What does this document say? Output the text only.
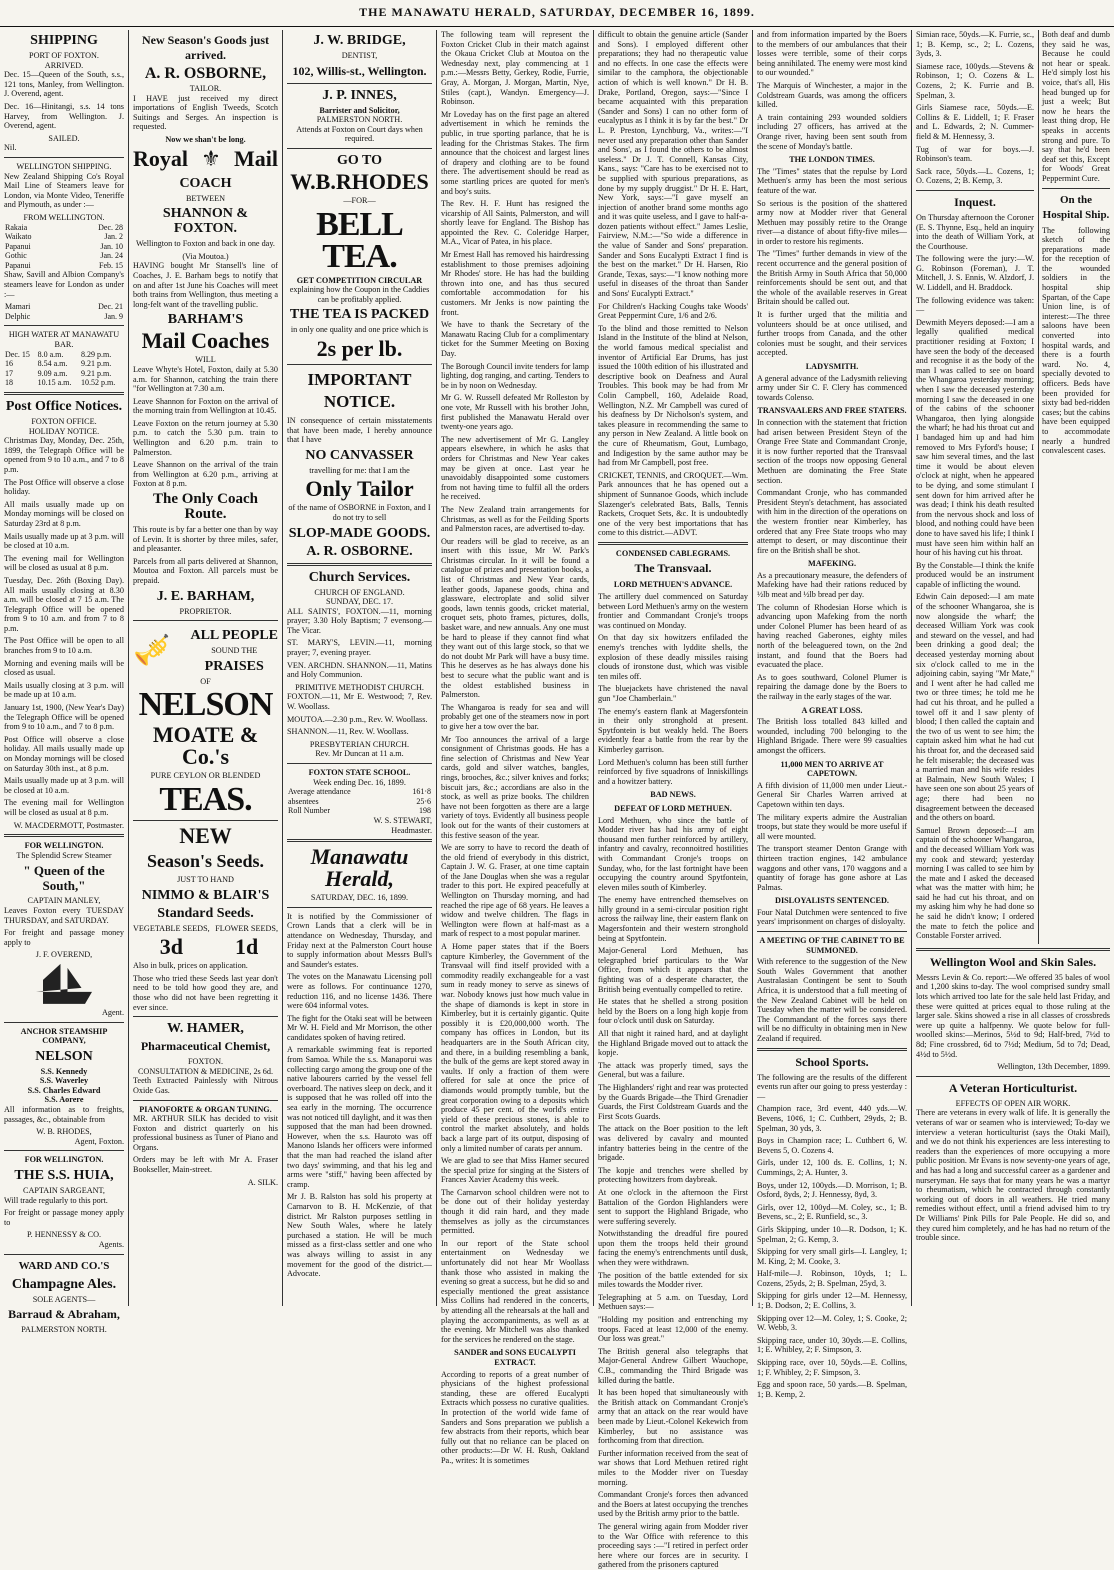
THE MANAWATU HERALD, SATURDAY, DECEMBER 16, 1899.
SHIPPING
PORT OF FOXTON.
ARRIVED.

Dec. 15—Queen of the South, s.s., 121 tons, Manley, from Wellington. J. Overend, agent.

Dec. 16—Hinitangi, s.s. 14 tons Harvey, from Wellington. J. Overend, agent.

SAILED.

Nil.

WELLINGTON SHIPPING.

New Zealand Shipping Co's Royal Mail Line of Steamers leave for London, via Monte Video, Teneriffe and Plymouth, as under :—

FROM WELLINGTON.
Rakaia	Dec. 28
Waikato	Jan. 2
Papanui	Jan. 10
Gothic	Jan. 24
Papanui	Feb. 15

Shaw, Savill and Albion Company's steamers leave for London as under :—

Mamari	Dec. 21
Delphic	Jan. 9
HIGH WATER AT MANAWATU BAR.
Dec. 15	8.0 a.m.	8.29 p.m.
16	8.54 a.m.	9.21 p.m.
17	9.09 a.m.	9.21 p.m.
18	10.15 a.m.	10.52 p.m.
Post Office Notices.
FOXTON OFFICE.
HOLIDAY NOTICE.

Christmas Day, Monday, Dec. 25th, 1899, the Telegraph Office will be opened from 9 to 10 a.m., and 7 to 8 p.m.

The Post Office will observe a close holiday.

All mails usually made up on Monday mornings will be closed on Saturday 23rd at 8 p.m.

Mails usually made up at 3 p.m. will be closed at 10 a.m.

The evening mail for Wellington will be closed as usual at 8 p.m.

Tuesday, Dec. 26th (Boxing Day). All mails usually closing at 8.30 a.m. will be closed at 7 15 a.m. The Telegraph Office will be opened from 9 to 10 a.m. and from 7 to 8 p.m.

The Post Office will be open to all branches from 9 to 10 a.m.

Morning and evening mails will be closed as usual.

Mails usually closing at 3 p.m. will be made up at 10 a.m.

January 1st, 1900, (New Year's Day) the Telegraph Office will be opened from 9 to 10 a.m., and 7 to 8 p.m.

Post Office will observe a close holiday. All mails usually made up on Monday mornings will be closed on Saturday 30th inst., at 8 p.m.

Mails usually made up at 3 p.m. will be closed at 10 a.m.

The evening mail for Wellington will be closed as usual at 8 p.m.

W. MACDERMOTT, Postmaster.

FOR WELLINGTON.
The Splendid Screw Steamer
" Queen of the South,"
CAPTAIN MANLEY,

Leaves Foxton every TUESDAY THURSDAY, and SATURDAY.

For freight and passage money apply to

J. F. OVEREND,
Agent.
ANCHOR STEAMSHIP COMPANY,
NELSON
S.S. Kennedy
S.S. Waverley
S.S. Charles Edward
S.S. Aorere

All information as to freights, passages, &c., obtainable from

W. B. RHODES,
Agent, Foxton.
FOR WELLINGTON.
THE S.S. HUIA,
CAPTAIN SARGEANT,

Will trade regularly to this port.

For freight or passage money apply to

P. HENNESSY & CO.
Agents.
WARD AND CO.'S
Champagne Ales.
SOLE AGENTS—
Barraud & Abraham,
PALMERSTON NORTH.
New Season's Goods just arrived.
A. R. OSBORNE,
TAILOR.

I HAVE just received my direct importations of English Tweeds, Scotch Suitings and Serges. An inspection is requested.

Now we shan't be long.
Royal ⚜ Mail
COACH
BETWEEN
SHANNON & FOXTON.

Wellington to Foxton and back in one day.

(Via Moutoa.)

HAVING bought Mr Stansell's line of Coaches, J. E. Barham begs to notify that on and after 1st June his Coaches will meet both trains from Wellington, thus meeting a long-felt want of the travelling public.

BARHAM'S
Mail Coaches
WILL

Leave Whyte's Hotel, Foxton, daily at 5.30 a.m. for Shannon, catching the train there "for Wellington at 7.30 a.m.

Leave Shannon for Foxton on the arrival of the morning train from Wellington at 10.45.

Leave Foxton on the return journey at 5.30 p.m. to catch the 5.30 p.m. train to Wellington and 6.20 p.m. train to Palmerston.

Leave Shannon on the arrival of the train from Wellington at 6.20 p.m., arriving at Foxton at 8 p.m.

The Only Coach Route.

This route is by far a better one than by way of Levin. It is shorter by three miles, safer, and pleasanter.

Parcels from all parts delivered at Shannon, Moutoa and Foxton. All parcels must be prepaid.

J. E. BARHAM,
PROPRIETOR.
🎺 ALL PEOPLE
SOUND THE
PRAISES
OF
NELSON
MOATE & Co.'s
PURE CEYLON OR BLENDED
TEAS.
NEW
Season's Seeds.
JUST TO HAND
NIMMO & BLAIR'S
Standard Seeds.
VEGETABLE SEEDS,
3d
FLOWER SEEDS,
1d

Also in bulk, prices on application.

Those who tried these Seeds last year don't need to be told how good they are, and those who did not have been regretting it ever since.

W. HAMER,
Pharmaceutical Chemist,
FOXTON.
CONSULTATION & MEDICINE, 2s 6d.

Teeth Extracted Painlessly with Nitrous Oxide Gas.

PIANOFORTE & ORGAN TUNING.

MR. ARTHUR SILK has decided to visit Foxton and district quarterly on his professional business as Tuner of Piano and Organs.

Orders may be left with Mr A. Fraser Bookseller, Main-street.

A. SILK.
J. W. BRIDGE,
DENTIST,
102, Willis-st., Wellington.
J. P. INNES,
Barrister and Solicitor,
PALMERSTON NORTH.

Attends at Foxton on Court days when required.

GO TO
W.B.RHODES
—FOR—
BELL TEA.
GET COMPETITION CIRCULAR

explaining how the Coupon in the Caddies can be profitably applied.

THE TEA IS PACKED

in only one quality and one price which is

2s per lb.
IMPORTANT NOTICE.

IN consequence of certain misstatements that have been made, I hereby announce that I have

NO CANVASSER

travelling for me: that I am the

Only Tailor

of the name of OSBORNE in Foxton, and I do not try to sell

SLOP-MADE GOODS.
A. R. OSBORNE.
Church Services.
CHURCH OF ENGLAND.
SUNDAY, DEC. 17.

ALL SAINTS', FOXTON.—11, morning prayer; 3.30 Holy Baptism; 7 evensong.—The Vicar.

ST. MARY'S, LEVIN.—11, morning prayer; 7, evening prayer.

VEN. ARCHDN. SHANNON.—11, Matins and Holy Communion.

PRIMITIVE METHODIST CHURCH.

FOXTON.—11, Mr E. Westwood; 7, Rev. W. Woollass.

MOUTOA.—2.30 p.m., Rev. W. Woollass.

SHANNON.—11, Rev. W. Woollass.

PRESBYTERIAN CHURCH.

Rev. Mr Duncan at 11 a.m.

FOXTON STATE SCHOOL.
Week ending Dec. 16, 1899.
Average attendance	161·8
absentees	25·6
Roll Number	198
W. S. STEWART,
Headmaster.
Manawatu Herald,
SATURDAY, DEC. 16, 1899.

It is notified by the Commissioner of Crown Lands that a clerk will be in attendance on Wednesday, Thursday, and Friday next at the Palmerston Court house to supply information about Messrs Bull's and Saunder's estates.

The votes on the Manawatu Licensing poll were as follows. For continuance 1270, reduction 116, and no license 1436. There were 604 informal votes.

The fight for the Otaki seat will be between Mr W. H. Field and Mr Morrison, the other candidates spoken of having retired.

A remarkable swimming feat is reported from Samoa. While the s.s. Manaporui was collecting cargo among the group one of the native labourers carried by the vessel fell overboard. The natives sleep on deck, and it is supposed that he was rolled off into the sea early in the morning. The occurrence was not noticed till daylight, and it was then supposed that the man had been drowned. However, when the s.s. Hauroto was off Manono Islands her officers were informed that the man had reached the island after two days' swimming, and that his leg and arms were "stiff," having been affected by cramp.

Mr J. B. Ralston has sold his property at Carnarvon to B. H. McKenzie, of that district. Mr Ralston purposes settling in New South Wales, where he lately purchased a station. He will be much missed as a first-class settler and one who was always willing to assist in any movement for the good of the district.—Advocate.

The following team will represent the Foxton Cricket Club in their match against the Okaua Cricket Club at Moutoa on the Wednesday next, play commencing at 1 p.m.:—Messrs Betty, Gerkey, Rodie, Furrie, Gray, A. Morgan, J. Morgan, Martin, Nye, Stiles (capt.), Wandyn. Emergency—J. Robinson.

Mr Loveday has on the first page an altered advertisement in which he reminds the public, in true sporting parlance, that he is leading for the Christmas Stakes. The firm announce that the choicest and largest lines of drapery and clothing are to be found there. The advertisement should be read as some startling prices are quoted for men's and boy's suits.

The Rev. H. F. Hunt has resigned the vicarship of All Saints, Palmerston, and will shortly leave for England. The Bishop has appointed the Rev. C. Coleridge Harper, M.A., Vicar of Patea, in his place.

Mr Ernest Hall has removed his hairdressing establishment to those premises adjoining Mr Rhodes' store. He has had the building thrown into one, and has thus secured comfortable accommodation for his customers. Mr Jenks is now painting the front.

We have to thank the Secretary of the Manawatu Racing Club for a complimentary ticket for the Summer Meeting on Boxing Day.

The Borough Council invite tenders for lamp lighting, dog ranging, and carting. Tenders to be in by noon on Wednesday.

Mr G. W. Russell defeated Mr Rolleston by one vote, Mr Russell with his brother John, first published the Manawatu Herald over twenty-one years ago.

The new advertisement of Mr G. Langley appears elsewhere, in which he asks that orders for Christmas and New Year cakes may be given at once. Last year he unavoidably disappointed some customers from not having time to fulfil all the orders he received.

The New Zealand train arrangements for Christmas, as well as for the Feilding Sports and Palmerston races, are advertised to-day.

Our readers will be glad to receive, as an insert with this issue, Mr W. Park's Christmas circular. In it will be found a catalogue of prizes and presentation books, a list of Christmas and New Year cards, leather goods, Japanese goods, china and glassware, electroplate and solid silver goods, lawn tennis goods, cricket material, croquet sets, photo frames, pictures, dolls, basket ware, and new annuals. Any one must be hard to please if they cannot find what they want out of this large stock, so that we do not doubt Mr Park will have a busy time. This he deserves as he has always done his best to secure what the public want and is the oldest established business in Palmerston.

The Whangaroa is ready for sea and will probably get one of the steamers now in port to give her a tow over the bar.

Mr Too announces the arrival of a large consignment of Christmas goods. He has a fine selection of Christmas and New Year cards, gold and silver watches, bangles, rings, brooches, &c.; silver knives and forks; biscuit jars, &c.; accordians are also in the stock, as well as prize books. The children have not been forgotten as there are a large variety of toys. Evidently all business people look out for the wants of their customers at this festive season of the year.

We are sorry to have to record the death of the old friend of everybody in this district, Captain J. W. G. Fraser, at one time captain of the Jane Douglas when she was a regular trader to this port. He expired peacefully at Wellington on Thursday morning, and had reached the ripe age of 68 years. He leaves a widow and twelve children. The flags in Wellington were flown at half-mast as a mark of respect to a most popular mariner.

A Home paper states that if the Boers capture Kimberley, the Government of the Transvaal will find itself provided with a commodity readily exchangeable for a vast sum in ready money to serve as sinews of war. Nobody knows just how much value in the shape of diamonds is kept in store in Kimberley, but it is certainly gigantic. Quite possibly it is £20,000,000 worth. The company has offices in London, but its headquarters are in the South African city, and there, in a building resembling a bank, the bulk of the gems are kept stored away in vaults. If only a fraction of them were offered for sale at once the price of diamonds would promptly tumble, but the great corporation owing to a deposits which produce 45 per cent. of the world's entire yield of these precious stones, is able to control the market absolutely, and holds back a large part of its output, disposing of only a limited number of carats per annum.

We are glad to see that Miss Hamer secured the special prize for singing at the Sisters of Frances Xavier Academy this week.

The Carnarvon school children were not to be done out of their holiday yesterday though it did rain hard, and they made themselves as jolly as the circumstances permitted.

In our report of the State school entertainment on Wednesday we unfortunately did not hear Mr Woollass thank those who assisted in making the evening so great a success, but he did so and especially mentioned the great assistance Miss Collins had rendered in the concerts, by attending all the rehearsals at the hall and playing the accompaniments, as well as at the evening. Mr Mitchell was also thanked for the services he rendered on the stage.

SANDER and SONS EUCALYPTI EXTRACT.

According to reports of a great number of physicians of the highest professional standing, these are offered Eucalypti Extracts which possess no curative qualities. In protection of the world wide fame of Sanders and Sons preparation we publish a few abstracts from their reports, which bear fully out that no reliance can be placed on other products:—Dr W. H. Rush, Oakland Pa., writes: It is sometimes

difficult to obtain the genuine article (Sander and Sons). I employed different other preparations; they had no therapeutic value and no effects. In one case the effects were similar to the camphora, the objectionable action of which is well known." Dr H. B. Drake, Portland, Oregon, says:—"Since I became acquainted with this preparation (Sander and Sons) I can no other form of eucalyptus as I think it is by far the best." Dr L. P. Preston, Lynchburg, Va., writes:—"I never used any preparation other than Sander and Sons', as I found the others to be almost useless." Dr J. T. Connell, Kansas City, Kans., says: "Care has to be exercised not to be supplied with spurious preparations, as done by my supply druggist." Dr H. E. Hart, New York, says:—"I gave myself an injection of another brand some months ago and it was quite useless, and I gave to half-a-dozen patients without effect." James Leslie, Fairview, N.M.:—"So wide a difference in the value of Sander and Sons' preparation. Sander and Sons Eucalypti Extract I find is the best on the market." Dr H. Harsen, Rio Grande, Texas, says:—"I know nothing more useful in diseases of the throat than Sander and Sons' Eucalypti Extract."

For Children's Hacking Coughs take Woods' Great Peppermint Cure, 1/6 and 2/6.

To the blind and those remitted to Nelson Island in the Institute of the blind at Nelson, the world famous medical specialist and inventor of Artificial Ear Drums, has just issued the 100th edition of his illustrated and descriptive book on Deafness and Aural Troubles. This book may be had from Mr Colin Campbell, 160, Adelaide Road, Wellington, N.Z. Mr Campbell was cured of his deafness by Dr Nicholson's system, and takes pleasure in recommending the same to any person in New Zealand. A little book on the cure of Rheumatism, Gout, Lumbago, and Indigestion by the same author may be had from Mr Campbell, post free.

CRICKET, TENNIS, and CROQUET.—Wm. Park announces that he has opened out a shipment of Sunnanoe Goods, which include Slazenger's celebrated Bats, Balls, Tennis Rackets, Croquet Sets, &c. It is undoubtedly one of the very best importations that has come to this district.—ADVT.

CONDENSED CABLEGRAMS.
The Transvaal.
LORD METHUEN'S ADVANCE.

The artillery duel commenced on Saturday between Lord Methuen's army on the western frontier and Commandant Cronje's troops was continued on Monday.

On that day six howitzers enfiladed the enemy's trenches with lyddite shells, the explosion of these deadly missiles raising clouds of ironstone dust, which was visible ten miles off.

The bluejackets have christened the naval gun "Joe Chamberlain."

The enemy's eastern flank at Magersfontein in their only stronghold at present. Spytfontein is but weakly held. The Boers evidently fear a battle from the rear by the Kimberley garrison.

Lord Methuen's column has been still further reinforced by five squadrons of Inniskillings and a howitzer battery.

BAD NEWS.
DEFEAT OF LORD METHUEN.

Lord Methuen, who since the battle of Modder river has had his army of eight thousand men further reinforced by artillery, infantry and cavalry, reconnoitred hostilities with Commandant Cronje's troops on Sunday, who, for the last fortnight have been occupying the country around Spytfontein, eleven miles south of Kimberley.

The enemy have entrenched themselves on hilly ground in a semi-circular position right across the railway line, their eastern flank on Magersfontein and their western stronghold being at Spytfontein.

Major-General Lord Methuen, has telegraphed brief particulars to the War Office, from which it appears that the fighting was of a desperate character, the British being eventually compelled to retire.

He states that he shelled a strong position held by the Boers on a long high kopje from four o'clock until dusk on Saturday.

All that night it rained hard, and at daylight the Highland Brigade moved out to attack the kopje.

The attack was properly timed, says the General, but was a failure.

The Highlanders' right and rear was protected by the Guards Brigade—the Third Grenadier Guards, the First Coldstream Guards and the First Scots Guards.

The attack on the Boer position to the left was delivered by cavalry and mounted infantry batteries being in the centre of the brigade.

The kopje and trenches were shelled by protecting howitzers from daybreak.

At one o'clock in the afternoon the First Battalion of the Gordon Highlanders were sent to support the Highland Brigade, who were suffering severely.

Notwithstanding the dreadful fire poured upon them the troops held their ground facing the enemy's entrenchments until dusk, when they were withdrawn.

The position of the battle extended for six miles towards the Modder river.

Telegraphing at 5 a.m. on Tuesday, Lord Methuen says:—

"Holding my position and entrenching my troops. Faced at least 12,000 of the enemy. Our loss was great."

The British general also telegraphs that Major-General Andrew Gilbert Wauchope, C.B., commanding the Third Brigade was killed during the battle.

It has been hoped that simultaneously with the British attack on Commandant Cronje's army that an attack on the rear would have been made by Lieut.-Colonel Kekewich from Kimberley, but no assistance was forthcoming from that direction.

Further information received from the seat of war shows that Lord Methuen retired right miles to the Modder river on Tuesday morning.

Commandant Cronje's forces then advanced and the Boers at latest occupying the trenches used by the British army prior to the battle.

The general wiring again from Modder river to the War Office with reference to this proceeding says :—"I retired in perfect order here where our forces are in security. I gathered from the prisoners captured

and from information imparted by the Boers to the members of our ambulances that their losses were terrible, some of their corps being annihilated. The enemy were most kind to our wounded."

The Marquis of Winchester, a major in the Coldstream Guards, was among the officers killed.

A train containing 293 wounded soldiers including 27 officers, has arrived at the Orange river, having been sent south from the scene of Monday's battle.

THE LONDON TIMES.

The "Times" states that the repulse by Lord Methuen's army has been the most serious feature of the war.

So serious is the position of the shattered army now at Modder river that General Methuen may possibly retire to the Orange river—a distance of about fifty-five miles—in order to restore his regiments.

The "Times" further demands in view of the recent occurrence and the general position of the British Army in South Africa that 50,000 reinforcements should be sent out, and that the whole of the available reserves in Great Britain should be called out.

It is further urged that the militia and volunteers should be at once utilised, and further troops from Canada, and the other colonies must be sought, and their services accepted.

LADYSMITH.

A general advance of the Ladysmith relieving army under Sir C. F. Clery has commenced towards Colenso.

TRANSVAALERS AND FREE STATERS.

In connection with the statement that friction had arisen between President Steyn of the Orange Free State and Commandant Cronje, it is now further reported that the Transvaal section of the troops now opposing General Methuen are dominating the Free State section.

Commandant Cronje, who has commanded President Steyn's detachment, has associated with him in the direction of the operations on the western frontier near Kimberley, has ordered that any Free State troops who may attempt to desert, or may discontinue their fire on the British shall be shot.

MAFEKING.

As a precautionary measure, the defenders of Mafeking have had their rations reduced by ½lb meat and ½lb bread per day.

The column of Rhodesian Horse which is advancing upon Mafeking from the north under Colonel Plumer has been heard of as having reached Gaberones, eighty miles north of the beleaguered town, on the 2nd instant, and found that the Boers had evacuated the place.

As to goes southward, Colonel Plumer is repairing the damage done by the Boers to the railway in the early stages of the war.

A GREAT LOSS.

The British loss totalled 843 killed and wounded, including 700 belonging to the Highland Brigade. There were 99 casualties amongst the officers.

11,000 MEN TO ARRIVE AT CAPETOWN.

A fifth division of 11,000 men under Lieut.-General Sir Charles Warren arrived at Capetown within ten days.

The military experts admire the Australian troops, but state they would be more useful if all were mounted.

The transport steamer Denton Grange with thirteen traction engines, 142 ambulance waggons and other vans, 170 waggons and a quantity of forage has gone ashore at Las Palmas.

DISLOYALISTS SENTENCED.

Four Natal Dutchmen were sentenced to five years' imprisonment on charges of disloyalty.

A MEETING OF THE CABINET TO BE SUMMONED.

With reference to the suggestion of the New South Wales Government that another Australasian Contingent be sent to South Africa, it is understood that a full meeting of the New Zealand Cabinet will be held on Tuesday when the matter will be considered. The Commandant of the forces says there will be no difficulty in obtaining men in New Zealand if required.

School Sports.

The following are the results of the different events run after our going to press yesterday :—

Champion race, 3rd event, 440 yds.—W. Bevens, 10¢6, 1; C. Cuthbert, 29yds, 2; B. Spelman, 30 yds, 3.

Boys in Champion race; L. Cuthbert 6, W. Bevens 5, O. Cozens 4.

Girls, under 12, 100 ds. E. Collins, 1; N. Cummings, 2; A. Hunter, 3.

Boys, under 12, 100yds.—D. Morrison, 1; B. Osford, 8yds, 2; J. Hennessy, 8yd, 3.

Girls, over 12, 100yd—M. Coley, sc., 1; B. Bevens, sc., 2; E. Runfield, sc., 3.

Girls Skipping, under 10—R. Dodson, 1; K. Spelman, 2; G. Kemp, 3.

Skipping for very small girls—I. Langley, 1; M. King, 2; M. Cooke, 3.

Half-mile—J. Robinson, 10yds, 1; L. Cozens, 25yds, 2; B. Spelman, 25yd, 3.

Skipping for girls under 12—M. Hennessy, 1; B. Dodson, 2; E. Collins, 3.

Skipping over 12—M. Coley, 1; S. Cooke, 2; W. Webb, 3.

Skipping race, under 10, 30yds.—E. Collins, 1; E. Whibley, 2; F. Simpson, 3.

Skipping race, over 10, 50yds.—E. Collins, 1; F. Whibley, 2; F. Simpson, 3.

Egg and spoon race, 50 yards.—B. Spelman, 1; B. Kemp, 2.

Simian race, 50yds.—K. Furrie, sc., 1; B. Kemp, sc., 2; L. Cozens, 3yds, 3.

Siamese race, 100yds.—Stevens & Robinson, 1; O. Cozens & L. Cozens, 2; K. Furrie and B. Spelman, 3.

Girls Siamese race, 50yds.—E. Collins & E. Liddell, 1; F. Fraser and L. Edwards, 2; N. Cummer-field & M. Hennessy, 3.

Tug of war for boys.—J. Robinson's team.

Sack race, 50yds.—L. Cozens, 1; O. Cozens, 2; B. Kemp, 3.

Inquest.

On Thursday afternoon the Coroner (E. S. Thynne, Esq., held an inquiry into the death of William York, at the Courthouse.

The following were the jury:—W. G. Robinson (Foreman), J. T. Mitchell, J. S. Ennis, W. Alzdorf, J. W. Liddell, and H. Braddock.

The following evidence was taken:—

Dewmith Meyers deposed:—I am a legally qualified medical practitioner residing at Foxton; I have seen the body of the deceased and recognise it as the body of the man I was called to see on board the Whangaroa yesterday morning; when I saw the deceased yesterday morning I saw the deceased in one of the cabins of the schooner Whangaroa, then lying alongside the wharf; he had his throat cut and I bandaged him up and had him removed to Mrs Fyford's house; I saw him several times, and the last time it would be about eleven o'clock at night, when he appeared to be dying, and some stimulant I sent down for him arrived after he was dead; I think his death resulted from the nervous shock and loss of blood, and nothing could have been done to have saved his life; I think I must have seen him within half an hour of his having cut his throat.

By the Constable—I think the knife produced would be an instrument capable of inflicting the wound.

Edwin Cain deposed:—I am mate of the schooner Whangaroa, she is now alongside the wharf; the deceased William York was cook and steward on the vessel, and had been drinking a good deal; the deceased yesterday morning about six o'clock called to me in the adjoining cabin, saying "Mr Mate," and I went after he had called me two or three times; he told me he had cut his throat, and he pulled a towel off it and I saw plenty of blood; I then called the captain and the two of us went to see him; the captain asked him what he had cut his throat for, and the deceased said he felt miserable; the deceased was a married man and his wife resides at Balmain, New South Wales; I have seen one son about 25 years of age; there had been no disagreement between the deceased and the others on board.

Samuel Brown deposed:—I am captain of the schooner Whangaroa, and the deceased William York was my cook and steward; yesterday morning I was called to see him by the mate and I asked the deceased what was the matter with him; he said he had cut his throat, and on my asking him why he had done so he said he didn't know; I ordered the mate to fetch the police and Constable Forster arrived.

Both deaf and dumb they said he was, Because he could not hear or speak. He'd simply lost his voice, that's all, His head bunged up for just a week; But now he hears the least thing drop, He speaks in accents strong and pure. To say that he'd been deaf set this, Except for Woods' Great Peppermint Cure.

On the Hospital Ship.

The following sketch of the preparations made for the reception of the wounded soldiers in the hospital ship Spartan, of the Cape Union line, is of interest:—The three saloons have been converted into hospital wards, and there is a fourth ward. No. 4, specially devoted to officers. Beds have been provided for sixty bad bed-ridden cases; but the cabins have been equipped to accommodate nearly a hundred convalescent cases.

Wellington Wool and Skin Sales.

Messrs Levin & Co. report:—We offered 35 bales of wool and 1,200 skins to-day. The wool comprised sundry small lots which arrived too late for the sale held last Friday, and these were quitted at prices equal to those ruling at the larger sale. Skins showed a rise in all classes of crossbreds were up quite a halfpenny. We quote below for full-woolled skins:—Merinos, 5½d to 9d; Half-bred, 7½d to 8d; Fine crossbred, 6d to 7½d; Medium, 5d to 7d; Dead, 4½d to 5½d.

Wellington, 13th December, 1899.

A Veteran Horticulturist.
EFFECTS OF OPEN AIR WORK.

There are veterans in every walk of life. It is generally the veterans of war or seamen who is interviewed; To-day we interview a veteran horticulturist (says the Otaki Mail), and we do not think his experiences are less interesting to readers than the experiences of more occupying a more public position. Mr Evans is now seventy-one years of age, and has had a long and successful career as a gardener and nurseryman. He says that for many years he was a martyr to rheumatism, which he contracted through constantly working out of doors in all weathers. He tried many remedies without effect, until a friend advised him to try Dr Williams' Pink Pills for Pale People. He did so, and they cured him completely, and he has had no return of the trouble since.
